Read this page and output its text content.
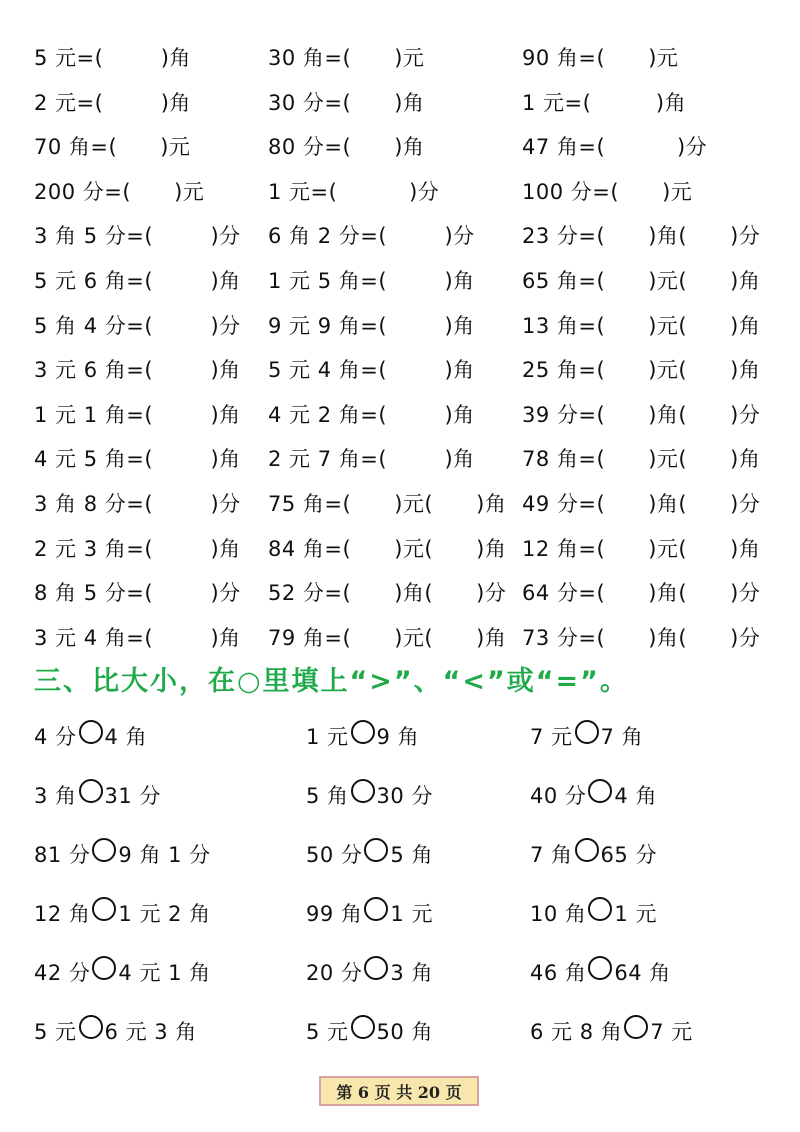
5 元=(        )角	30 角=(      )元	90 角=(      )元
2 元=(        )角	30 分=(      )角	1 元=(         )角
70 角=(      )元	80 分=(      )角	47 角=(          )分
200 分=(      )元	1 元=(          )分	100 分=(      )元
3 角 5 分=(        )分 6 角 2 分=(        )分 23 分=(      )角(      )分
5 元 6 角=(        )角 1 元 5 角=(        )角 65 角=(      )元(      )角
5 角 4 分=(        )分 9 元 9 角=(        )角 13 角=(      )元(      )角
3 元 6 角=(        )角 5 元 4 角=(        )角 25 角=(      )元(      )角
1 元 1 角=(        )角 4 元 2 角=(        )角 39 分=(      )角(      )分
4 元 5 角=(        )角 2 元 7 角=(        )角 78 角=(      )元(      )角
3 角 8 分=(        )分 75 角=(      )元(      )角 49 分=(      )角(      )分
2 元 3 角=(        )角 84 角=(      )元(      )角 12 角=(      )元(      )角
8 角 5 分=(        )分 52 分=(      )角(      )分 64 分=(      )角(      )分
3 元 4 角=(        )角 79 角=(      )元(      )角 73 分=(      )角(      )分
三、比大小，在○里填上“>”、“<”或“=”。
4 分 4 角	1 元 9 角	7 元 7 角
3 角 31 分	5 角 30 分	40 分 4 角
81 分 9 角 1 分	50 分 5 角	7 角 65 分
12 角 1 元 2 角	99 角 1 元	10 角 1 元
42 分 4 元 1 角	20 分 3 角	46 角 64 角
5 元 6 元 3 角	5 元 50 角	6 元 8 角 7 元
第 6 页 共 20 页
